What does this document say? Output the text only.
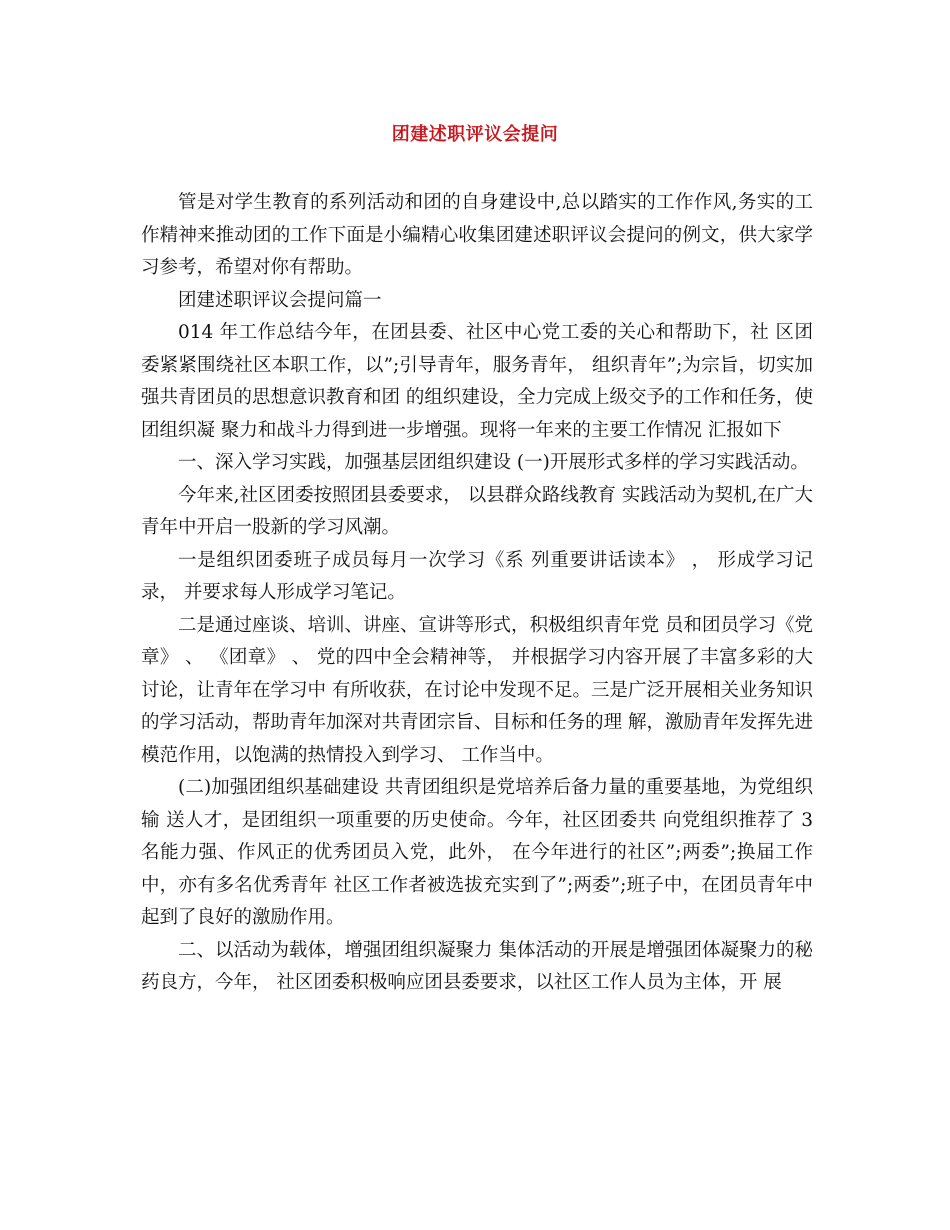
团建述职评议会提问

管是对学生教育的系列活动和团的自身建设中,总以踏实的工作作风,务实的工作精神来推动团的工作下面是小编精心收集团建述职评议会提问的例文，供大家学习参考，希望对你有帮助。

团建述职评议会提问篇一

014 年工作总结今年，在团县委、社区中心党工委的关心和帮助下，社 区团委紧紧围绕社区本职工作，以”;引导青年，服务青年， 组织青年”;为宗旨，切实加强共青团员的思想意识教育和团 的组织建设，全力完成上级交予的工作和任务，使团组织凝 聚力和战斗力得到进一步增强。现将一年来的主要工作情况 汇报如下

一、深入学习实践，加强基层团组织建设 (一)开展形式多样的学习实践活动。

今年来,社区团委按照团县委要求， 以县群众路线教育 实践活动为契机,在广大青年中开启一股新的学习风潮。

一是组织团委班子成员每月一次学习《系 列重要讲话读本》 ， 形成学习记录， 并要求每人形成学习笔记。

二是通过座谈、培训、讲座、宣讲等形式，积极组织青年党 员和团员学习《党章》 、 《团章》 、 党的四中全会精神等， 并根据学习内容开展了丰富多彩的大讨论，让青年在学习中 有所收获，在讨论中发现不足。三是广泛开展相关业务知识 的学习活动，帮助青年加深对共青团宗旨、目标和任务的理 解，激励青年发挥先进模范作用，以饱满的热情投入到学习、 工作当中。

(二)加强团组织基础建设 共青团组织是党培养后备力量的重要基地，为党组织输 送人才，是团组织一项重要的历史使命。今年，社区团委共 向党组织推荐了 3 名能力强、作风正的优秀团员入党，此外， 在今年进行的社区”;两委”;换届工作中，亦有多名优秀青年 社区工作者被选拔充实到了”;两委”;班子中，在团员青年中 起到了良好的激励作用。

二、以活动为载体，增强团组织凝聚力 集体活动的开展是增强团体凝聚力的秘药良方，今年， 社区团委积极响应团县委要求，以社区工作人员为主体，开 展
